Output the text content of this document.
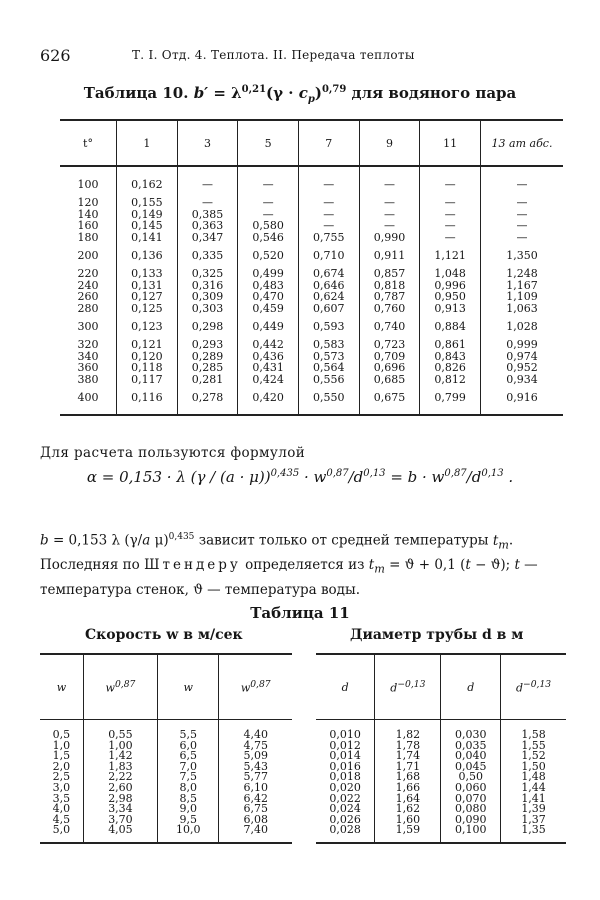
626	Т. I. Отд. 4. Теплота. II. Передача теплоты
Таблица 10. $b' = \lambda^{0,21}(\gamma \cdot c_p)^{0,79}$ для водяного пара
t°	1	3	5	7	9	11	13 ат абс.
100	0,162	—	—	—	—	—	—
120	0,155	—	—	—	—	—	—
140	0,149	0,385	—	—	—	—	—
160	0,145	0,363	0,580	—	—	—	—
180	0,141	0,347	0,546	0,755	0,990	—	—
200	0,136	0,335	0,520	0,710	0,911	1,121	1,350
220	0,133	0,325	0,499	0,674	0,857	1,048	1,248
240	0,131	0,316	0,483	0,646	0,818	0,996	1,167
260	0,127	0,309	0,470	0,624	0,787	0,950	1,109
280	0,125	0,303	0,459	0,607	0,760	0,913	1,063
300	0,123	0,298	0,449	0,593	0,740	0,884	1,028
320	0,121	0,293	0,442	0,583	0,723	0,861	0,999
340	0,120	0,289	0,436	0,573	0,709	0,843	0,974
360	0,118	0,285	0,431	0,564	0,696	0,826	0,952
380	0,117	0,281	0,424	0,556	0,685	0,812	0,934
400	0,116	0,278	0,420	0,550	0,675	0,799	0,916
Для расчета пользуются формулой
α = 0,153 · λ $(\gamma / (a \cdot \mu))^{0,435} \cdot w^{0,87}/d^{0,13} = b \cdot w^{0,87}/d^{0,13}$ .
b = 0,153 λ (γ/a μ)$^{0,435}$ зависит только от средней температуры $t_m$. Последняя по Штендеру определяется из $t_m = ϑ + 0,1$ (t − ϑ); t — температура стенок, ϑ — температура воды.
Таблица 11
Скорость w в м/сек	Диаметр трубы d в м
w	$w^{0,87}$	w	$w^{0,87}$
0,5	0,55	5,5	4,40
1,0	1,00	6,0	4,75
1,5	1,42	6,5	5,09
2,0	1,83	7,0	5,43
2,5	2,22	7,5	5,77
3,0	2,60	8,0	6,10
3,5	2,98	8,5	6,42
4,0	3,34	9,0	6,75
4,5	3,70	9,5	6,08
5,0	4,05	10,0	7,40
d	$d^{-0,13}$	d	$d^{-0,13}$
0,010	1,82	0,030	1,58
0,012	1,78	0,035	1,55
0,014	1,74	0,040	1,52
0,016	1,71	0,045	1,50
0,018	1,68	0,50	1,48
0,020	1,66	0,060	1,44
0,022	1,64	0,070	1,41
0,024	1,62	0,080	1,39
0,026	1,60	0,090	1,37
0,028	1,59	0,100	1,35
